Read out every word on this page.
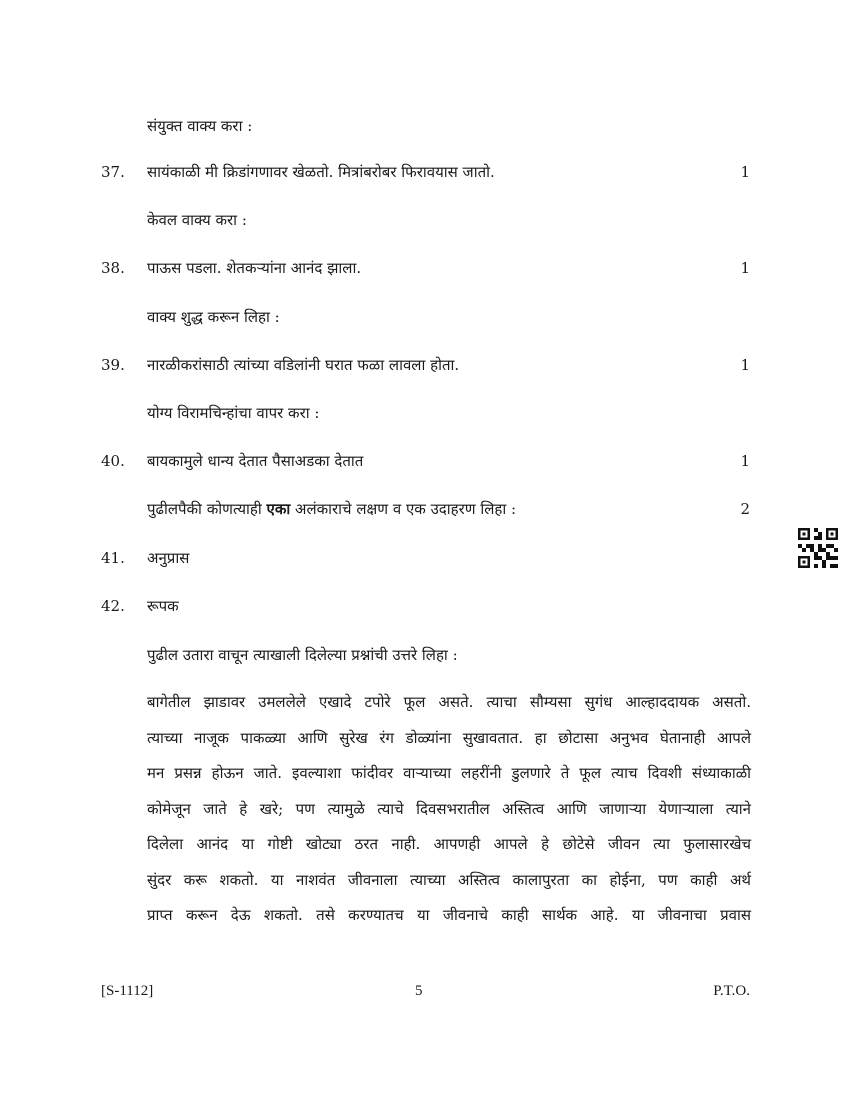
संयुक्त वाक्य करा :
37. सायंकाळी मी क्रिडांगणावर खेळतो. मित्रांबरोबर फिरावयास जातो.	1
केवल वाक्य करा :
38. पाऊस पडला. शेतकऱ्यांना आनंद झाला.	1
वाक्य शुद्ध करून लिहा :
39. नारळीकरांसाठी त्यांच्या वडिलांनी घरात फळा लावला होता.	1
योग्य विरामचिन्हांचा वापर करा :
40. बायकामुले धान्य देतात पैसाअडका देतात	1
पुढीलपैकी कोणत्याही एका अलंकाराचे लक्षण व एक उदाहरण लिहा :	2
41. अनुप्रास
42. रूपक
पुढील उतारा वाचून त्याखाली दिलेल्या प्रश्नांची उत्तरे लिहा :
बागेतील झाडावर उमललेले एखादे टपोरे फूल असते. त्याचा सौम्यसा सुगंध आल्हाददायक असतो.
त्याच्या नाजूक पाकळ्या आणि सुरेख रंग डोळ्यांना सुखावतात. हा छोटासा अनुभव घेतानाही आपले
मन प्रसन्न होऊन जाते. इवल्याशा फांदीवर वाऱ्याच्या लहरींनी डुलणारे ते फूल त्याच दिवशी संध्याकाळी
कोमेजून जाते हे खरे; पण त्यामुळे त्याचे दिवसभरातील अस्तित्व आणि जाणाऱ्या येणाऱ्याला त्याने
दिलेला आनंद या गोष्टी खोट्या ठरत नाही. आपणही आपले हे छोटेसे जीवन त्या फुलासारखेच
सुंदर करू शकतो. या नाशवंत जीवनाला त्याच्या अस्तित्व कालापुरता का होईना, पण काही अर्थ
प्राप्त करून देऊ शकतो. तसे करण्यातच या जीवनाचे काही सार्थक आहे. या जीवनाचा प्रवास
[S-1112]	5	P.T.O.
